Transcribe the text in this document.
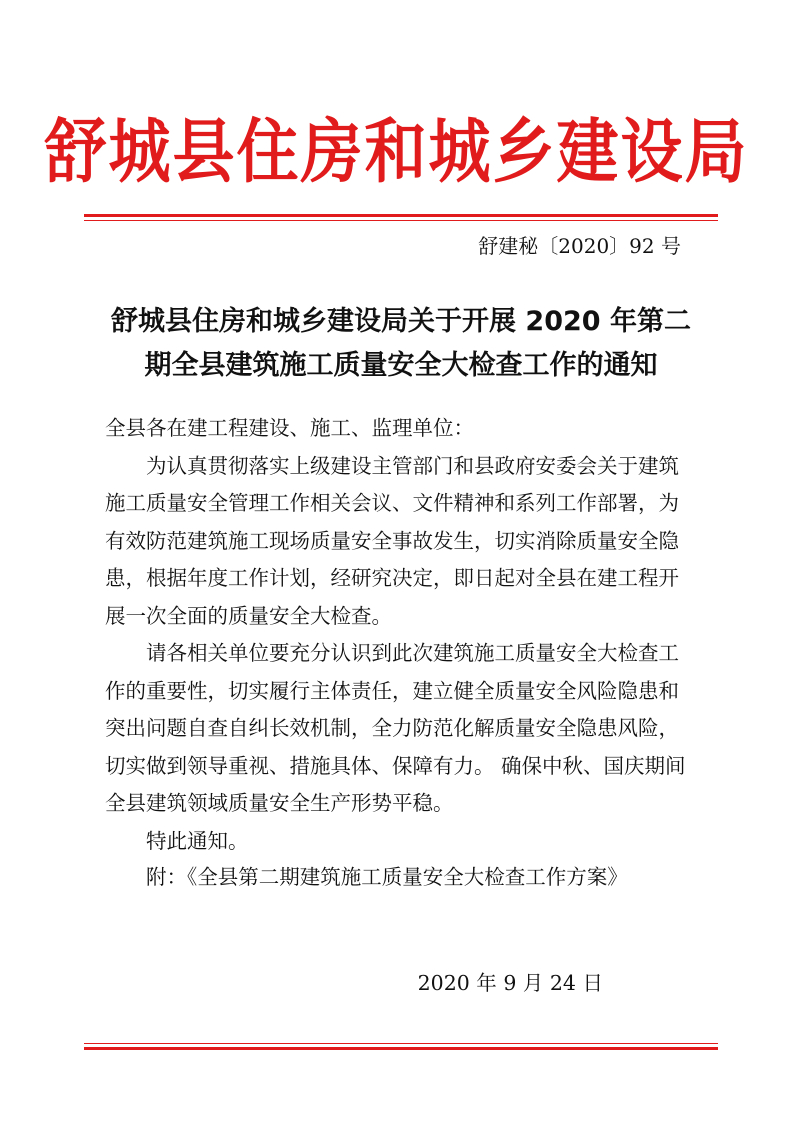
舒城县住房和城乡建设局
舒建秘〔2020〕92 号
舒城县住房和城乡建设局关于开展 2020 年第二
期全县建筑施工质量安全大检查工作的通知

全县各在建工程建设、施工、监理单位：

为认真贯彻落实上级建设主管部门和县政府安委会关于建筑

施工质量安全管理工作相关会议、文件精神和系列工作部署，为

有效防范建筑施工现场质量安全事故发生，切实消除质量安全隐

患，根据年度工作计划，经研究决定，即日起对全县在建工程开

展一次全面的质量安全大检查。

请各相关单位要充分认识到此次建筑施工质量安全大检查工

作的重要性，切实履行主体责任，建立健全质量安全风险隐患和

突出问题自查自纠长效机制，全力防范化解质量安全隐患风险，

切实做到领导重视、措施具体、保障有力。 确保中秋、国庆期间

全县建筑领域质量安全生产形势平稳。

特此通知。

附：《全县第二期建筑施工质量安全大检查工作方案》
2020 年 9 月 24 日
